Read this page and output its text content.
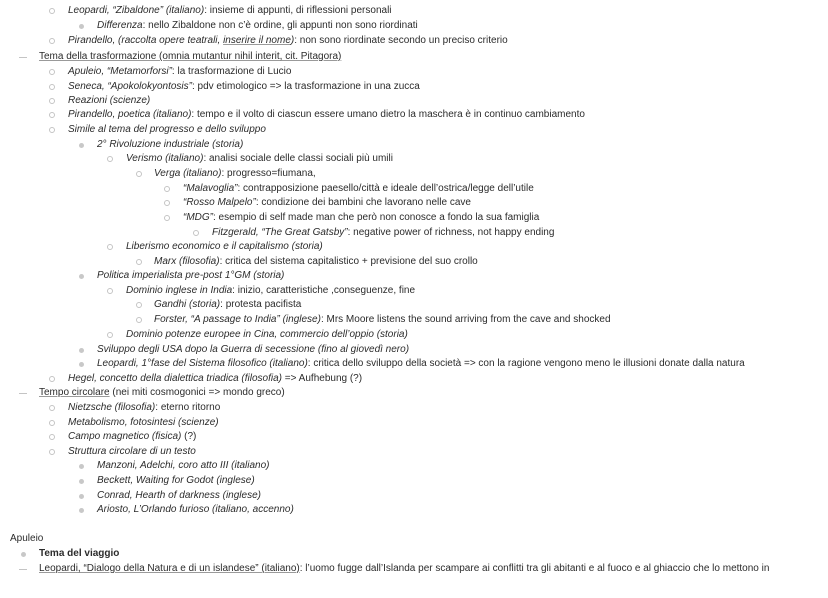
Leopardi, “Zibaldone” (italiano): insieme di appunti, di riflessioni personali
Differenza: nello Zibaldone non c’è ordine, gli appunti non sono riordinati
Pirandello, (raccolta opere teatrali, inserire il nome): non sono riordinate secondo un preciso criterio
Tema della trasformazione (omnia mutantur nihil interit, cit. Pitagora)
Apuleio, “Metamorforsi”: la trasformazione di Lucio
Seneca, “Apokolokyontosis”: pdv etimologico => la trasformazione in una zucca
Reazioni (scienze)
Pirandello, poetica (italiano): tempo e il volto di ciascun essere umano dietro la maschera è in continuo cambiamento
Simile al tema del progresso e dello sviluppo
2° Rivoluzione industriale (storia)
Verismo (italiano): analisi sociale delle classi sociali più umili
Verga (italiano): progresso=fiumana,
“Malavoglia”: contrapposizione paesello/città e ideale dell’ostrica/legge dell’utile
“Rosso Malpelo”: condizione dei bambini che lavorano nelle cave
“MDG”: esempio di self made man che però non conosce a fondo la sua famiglia
Fitzgerald, “The Great Gatsby”: negative power of richness, not happy ending
Liberismo economico e il capitalismo (storia)
Marx (filosofia): critica del sistema capitalistico + previsione del suo crollo
Politica imperialista pre-post 1°GM (storia)
Dominio inglese in India: inizio, caratteristiche ,conseguenze, fine
Gandhi (storia): protesta pacifista
Forster, “A passage to India” (inglese): Mrs Moore listens the sound arriving from the cave and shocked
Dominio potenze europee in Cina, commercio dell’oppio (storia)
Sviluppo degli USA dopo la Guerra di secessione (fino al giovedì nero)
Leopardi, 1°fase del Sistema filosofico (italiano): critica dello sviluppo della società => con la ragione vengono meno le illusioni donate dalla natura
Hegel, concetto della dialettica triadica (filosofia) => Aufhebung (?)
Tempo circolare (nei miti cosmogonici => mondo greco)
Nietzsche (filosofia): eterno ritorno
Metabolismo, fotosintesi (scienze)
Campo magnetico (fisica) (?)
Struttura circolare di un testo
Manzoni, Adelchi, coro atto III (italiano)
Beckett, Waiting for Godot (inglese)
Conrad, Hearth of darkness (inglese)
Ariosto, L’Orlando furioso (italiano, accenno)
Apuleio
Tema del viaggio
Leopardi, “Dialogo della Natura e di un islandese” (italiano): l’uomo fugge dall’Islanda per scampare ai conflitti tra gli abitanti e al fuoco e al ghiaccio che lo mettono in
